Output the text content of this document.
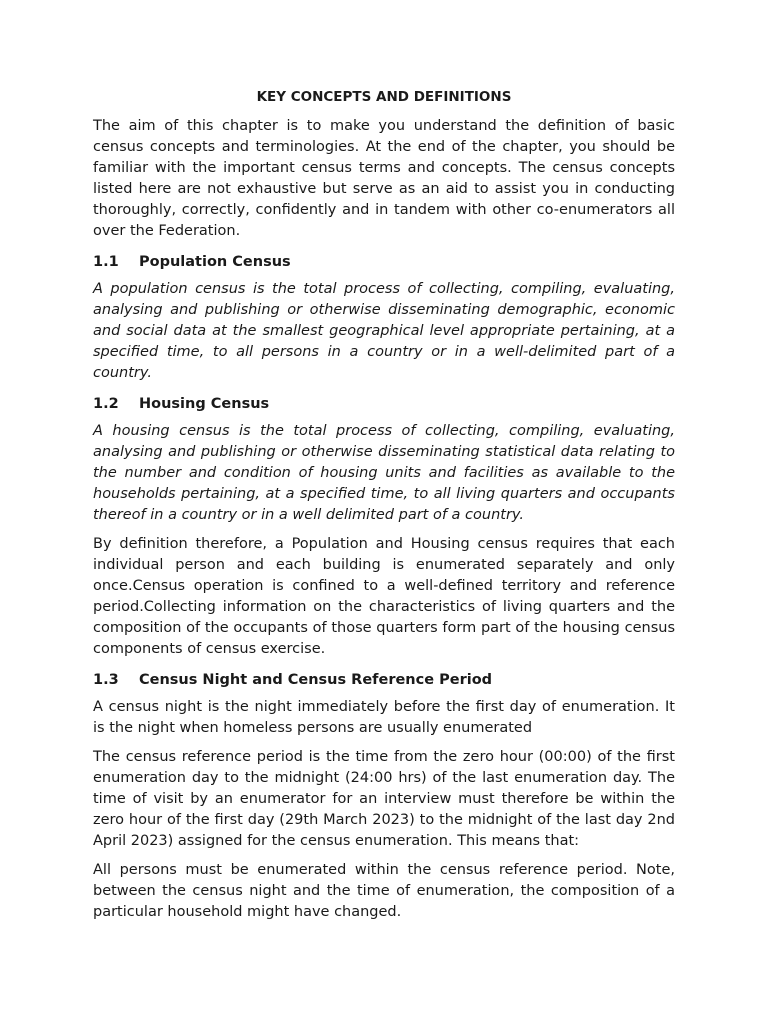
KEY CONCEPTS AND DEFINITIONS

The aim of this chapter is to make you understand the definition of basic census concepts and terminologies. At the end of the chapter, you should be familiar with the important census terms and concepts. The census concepts listed here are not exhaustive but serve as an aid to assist you in conducting thoroughly, correctly, confidently and in tandem with other co-enumerators all over the Federation.

1.1	Population Census

A population census is the total process of collecting, compiling, evaluating, analysing and publishing or otherwise disseminating demographic, economic and social data at the smallest geographical level appropriate pertaining, at a specified time, to all persons in a country or in a well-delimited part of a country.

1.2	Housing Census

A housing census is the total process of collecting, compiling, evaluating, analysing and publishing or otherwise disseminating statistical data relating to the number and condition of housing units and facilities as available to the households pertaining, at a specified time, to all living quarters and occupants thereof in a country or in a well delimited part of a country.

By definition therefore, a Population and Housing census requires that each individual person and each building is enumerated separately and only once.Census operation is confined to a well-defined territory and reference period.Collecting information on the characteristics of living quarters and the composition of the occupants of those quarters form part of the housing census components of census exercise.

1.3	Census Night and Census Reference Period

A census night is the night immediately before the first day of enumeration. It is the night when homeless persons are usually enumerated

The census reference period is the time from the zero hour (00:00) of the first enumeration day to the midnight (24:00 hrs) of the last enumeration day. The time of visit by an enumerator for an interview must therefore be within the zero hour of the first day (29th March 2023) to the midnight of the last day 2nd April 2023) assigned for the census enumeration. This means that:

All persons must be enumerated within the census reference period. Note, between the census night and the time of enumeration, the composition of a particular household might have changed.
